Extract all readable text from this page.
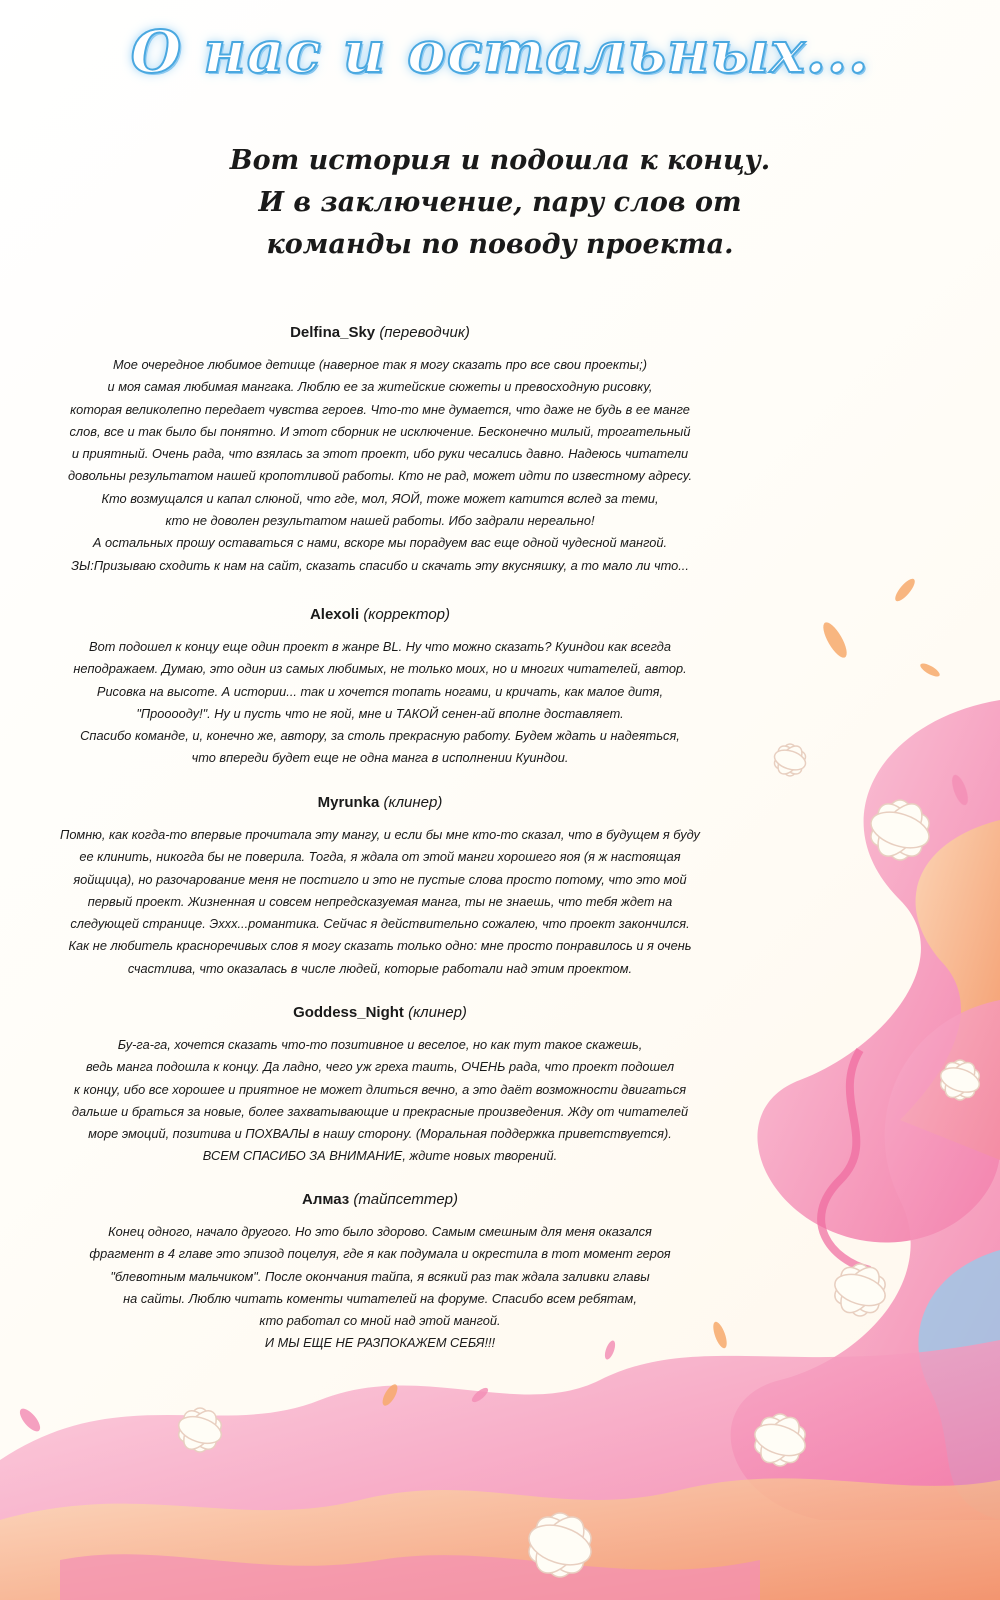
О нас и остальных...
Вот история и подошла к концу.
И в заключение, пару слов от
команды по поводу проекта.
Delfina_Sky (переводчик)
Мое очередное любимое детище (наверное так я могу сказать про все свои проекты;)
и моя самая любимая мангака. Люблю ее за житейские сюжеты и превосходную рисовку,
которая великолепно передает чувства героев. Что-то мне думается, что даже не будь в ее манге
слов, все и так было бы понятно. И этот сборник не исключение. Бесконечно милый, трогательный
и приятный. Очень рада, что взялась за этот проект, ибо руки чесались давно. Надеюсь читатели
довольны результатом нашей кропотливой работы. Кто не рад, может идти по известному адресу.
Кто возмущался и капал слюной, что где, мол, ЯОЙ, тоже может катится вслед за теми,
кто не доволен результатом нашей работы. Ибо задрали нереально!
А остальных прошу оставаться с нами, вскоре мы порадуем вас еще одной чудесной мангой.
ЗЫ:Призываю сходить к нам на сайт, сказать спасибо и скачать эту вкусняшку, а то мало ли что...
Alexoli (корректор)
Вот подошел к концу еще один проект в жанре BL. Ну что можно сказать? Куиндои как всегда
неподражаем. Думаю, это один из самых любимых, не только моих, но и многих читателей, автор.
Рисовка на высоте. А истории... так и хочется топать ногами, и кричать, как малое дитя,
"Прооооду!". Ну и пусть что не яой, мне и ТАКОЙ сенен-ай вполне доставляет.
Спасибо команде, и, конечно же, автору, за столь прекрасную работу. Будем ждать и надеяться,
что впереди будет еще не одна манга в исполнении Куиндои.
Myrunka (клинер)
Помню, как когда-то впервые прочитала эту мангу, и если бы мне кто-то сказал, что в будущем я буду
ее клинить, никогда бы не поверила. Тогда, я ждала от этой манги хорошего яоя (я ж настоящая
яойщица), но разочарование меня не постигло и это не пустые слова просто потому, что это мой
первый проект. Жизненная и совсем непредсказуемая манга, ты не знаешь, что тебя ждет на
следующей странице. Эххх...романтика. Сейчас я действительно сожалею, что проект закончился.
Как не любитель красноречивых слов я могу сказать только одно: мне просто понравилось и я очень
счастлива, что оказалась в числе людей, которые работали над этим проектом.
Goddess_Night (клинер)
Бу-га-га, хочется сказать что-то позитивное и веселое, но как тут такое скажешь,
ведь манга подошла к концу. Да ладно, чего уж греха таить, ОЧЕНЬ рада, что проект подошел
к концу, ибо все хорошее и приятное не может длиться вечно, а это даёт возможности двигаться
дальше и браться за новые, более захватывающие и прекрасные произведения. Жду от читателей
море эмоций, позитива и ПОХВАЛЫ в нашу сторону. (Моральная поддержка приветствуется).
ВСЕМ СПАСИБО ЗА ВНИМАНИЕ, ждите новых творений.
Алмаз (тайпсеттер)
Конец одного, начало другого. Но это было здорово. Самым смешным для меня оказался
фрагмент в 4 главе это эпизод поцелуя, где я как подумала и окрестила в тот момент героя
"блевотным мальчиком". После окончания тайпа, я всякий раз так ждала заливки главы
на сайты. Люблю читать коменты читателей на форуме. Спасибо всем ребятам,
кто работал со мной над этой мангой.
И МЫ ЕЩЕ НЕ РАЗПОКАЖЕМ СЕБЯ!!!
